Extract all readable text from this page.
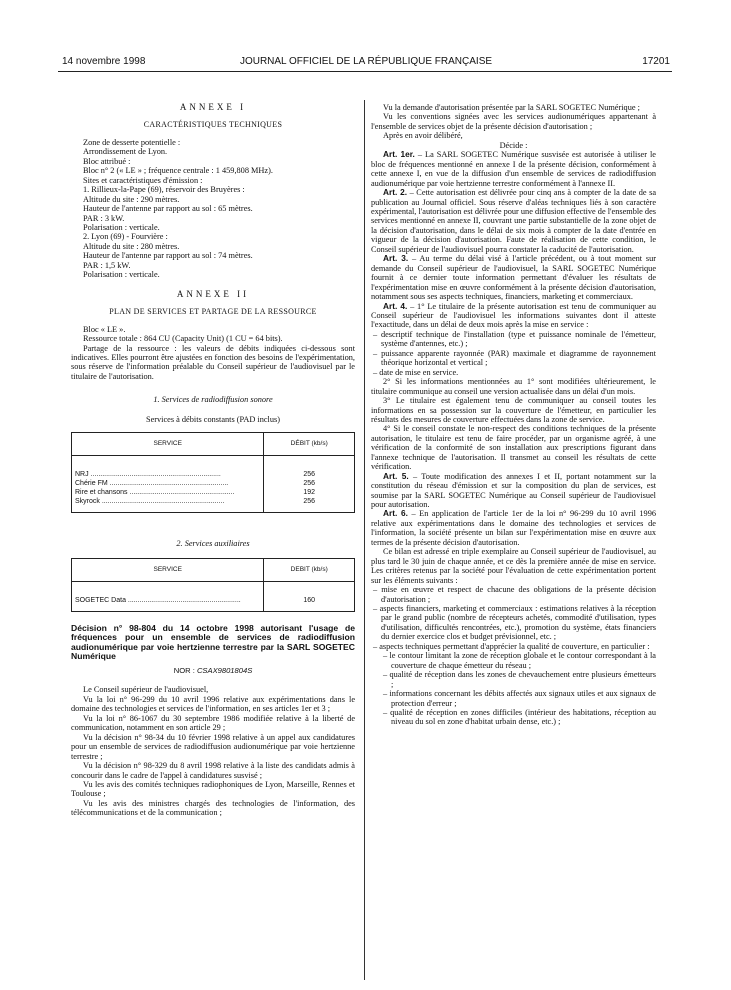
14 novembre 1998	JOURNAL OFFICIEL DE LA RÉPUBLIQUE FRANÇAISE	17201
ANNEXE I
CARACTÉRISTIQUES TECHNIQUES

Zone de desserte potentielle :

Arrondissement de Lyon.

Bloc attribué :

Bloc n° 2 (« LE » ; fréquence centrale : 1 459,808 MHz).

Sites et caractéristiques d'émission :

1. Rillieux-la-Pape (69), réservoir des Bruyères :

Altitude du site : 290 mètres.

Hauteur de l'antenne par rapport au sol : 65 mètres.

PAR : 3 kW.

Polarisation : verticale.

2. Lyon (69) - Fourvière :

Altitude du site : 280 mètres.

Hauteur de l'antenne par rapport au sol : 74 mètres.

PAR : 1,5 kW.

Polarisation : verticale.

ANNEXE II
PLAN DE SERVICES ET PARTAGE DE LA RESSOURCE

Bloc « LE ».

Ressource totale : 864 CU (Capacity Unit) (1 CU = 64 bits).

Partage de la ressource : les valeurs de débits indiquées ci-dessous sont indicatives. Elles pourront être ajustées en fonction des besoins de l'expérimentation, sous réserve de l'information préalable du Conseil supérieur de l'audiovisuel par le titulaire de l'autorisation.

1. Services de radiodiffusion sonore
Services à débits constants (PAD inclus)
SERVICE	DÉBIT (kb/s)

NRJ ...................................................................	256
Chérie FM .............................................................	256
Rire et chansons ......................................................	192
Skyrock ...............................................................	256

2. Services auxiliaires
SERVICE	DEBIT (kb/s)

SOGETEC Data ..........................................................	160

Décision n° 98-804 du 14 octobre 1998 autorisant l'usage de fréquences pour un ensemble de services de radiodiffusion audionumérique par voie hertzienne terrestre par la SARL SOGETEC Numérique
NOR : CSAX9801804S

Le Conseil supérieur de l'audiovisuel,

Vu la loi n° 96-299 du 10 avril 1996 relative aux expérimentations dans le domaine des technologies et services de l'information, en ses articles 1er et 3 ;

Vu la loi n° 86-1067 du 30 septembre 1986 modifiée relative à la liberté de communication, notamment en son article 29 ;

Vu la décision n° 98-34 du 10 février 1998 relative à un appel aux candidatures pour un ensemble de services de radiodiffusion audionumérique par voie hertzienne terrestre ;

Vu la décision n° 98-329 du 8 avril 1998 relative à la liste des candidats admis à concourir dans le cadre de l'appel à candidatures susvisé ;

Vu les avis des comités techniques radiophoniques de Lyon, Marseille, Rennes et Toulouse ;

Vu les avis des ministres chargés des technologies de l'information, des télécommunications et de la communication ;

Vu la demande d'autorisation présentée par la SARL SOGETEC Numérique ;

Vu les conventions signées avec les services audionumériques appartenant à l'ensemble de services objet de la présente décision d'autorisation ;

Après en avoir délibéré,

Décide :

Art. 1er. – La SARL SOGETEC Numérique susvisée est autorisée à utiliser le bloc de fréquences mentionné en annexe I de la présente décision, conformément à cette annexe I, en vue de la diffusion d'un ensemble de services de radiodiffusion audionumérique par voie hertzienne terrestre conformément à l'annexe II.

Art. 2. – Cette autorisation est délivrée pour cinq ans à compter de la date de sa publication au Journal officiel. Sous réserve d'aléas techniques liés à son caractère expérimental, l'autorisation est délivrée pour une diffusion effective de l'ensemble des services mentionné en annexe II, couvrant une partie substantielle de la zone objet de la décision d'autorisation, dans le délai de six mois à compter de la date d'entrée en vigueur de la décision d'autorisation. Faute de réalisation de cette condition, le Conseil supérieur de l'audiovisuel pourra constater la caducité de l'autorisation.

Art. 3. – Au terme du délai visé à l'article précédent, ou à tout moment sur demande du Conseil supérieur de l'audiovisuel, la SARL SOGETEC Numérique fournit à ce dernier toute information permettant d'évaluer les résultats de l'expérimentation mise en œuvre conformément à la présente décision d'autorisation, notamment sous ses aspects techniques, financiers, marketing et commerciaux.

Art. 4. – 1° Le titulaire de la présente autorisation est tenu de communiquer au Conseil supérieur de l'audiovisuel les informations suivantes dont il atteste l'exactitude, dans un délai de deux mois après la mise en service :

– descriptif technique de l'installation (type et puissance nominale de l'émetteur, système d'antennes, etc.) ;

– puissance apparente rayonnée (PAR) maximale et diagramme de rayonnement théorique horizontal et vertical ;

– date de mise en service.

2° Si les informations mentionnées au 1° sont modifiées ultérieurement, le titulaire communique au conseil une version actualisée dans un délai d'un mois.

3° Le titulaire est également tenu de communiquer au conseil toutes les informations en sa possession sur la couverture de l'émetteur, en particulier les résultats des mesures de couverture effectuées dans la zone de service.

4° Si le conseil constate le non-respect des conditions techniques de la présente autorisation, le titulaire est tenu de faire procéder, par un organisme agréé, à une vérification de la conformité de son installation aux prescriptions figurant dans l'annexe technique de l'autorisation. Il transmet au conseil les résultats de cette vérification.

Art. 5. – Toute modification des annexes I et II, portant notamment sur la constitution du réseau d'émission et sur la composition du plan de services, est soumise par la SARL SOGETEC Numérique au Conseil supérieur de l'audiovisuel pour autorisation.

Art. 6. – En application de l'article 1er de la loi n° 96-299 du 10 avril 1996 relative aux expérimentations dans le domaine des technologies et services de l'information, la société présente un bilan sur l'expérimentation mise en œuvre aux termes de la présente décision d'autorisation.

Ce bilan est adressé en triple exemplaire au Conseil supérieur de l'audiovisuel, au plus tard le 30 juin de chaque année, et ce dès la première année de mise en service. Les critères retenus par la société pour l'évaluation de cette expérimentation portent sur les éléments suivants :

– mise en œuvre et respect de chacune des obligations de la présente décision d'autorisation ;

– aspects financiers, marketing et commerciaux : estimations relatives à la réception par le grand public (nombre de récepteurs achetés, commodité d'utilisation, types d'utilisation, difficultés rencontrées, etc.), promotion du système, états financiers du dernier exercice clos et budget prévisionnel, etc. ;

– aspects techniques permettant d'apprécier la qualité de couverture, en particulier :

– le contour limitant la zone de réception globale et le contour correspondant à la couverture de chaque émetteur du réseau ;

– qualité de réception dans les zones de chevauchement entre plusieurs émetteurs ;

– informations concernant les débits affectés aux signaux utiles et aux signaux de protection d'erreur ;

– qualité de réception en zones difficiles (intérieur des habitations, réception au niveau du sol en zone d'habitat urbain dense, etc.) ;
